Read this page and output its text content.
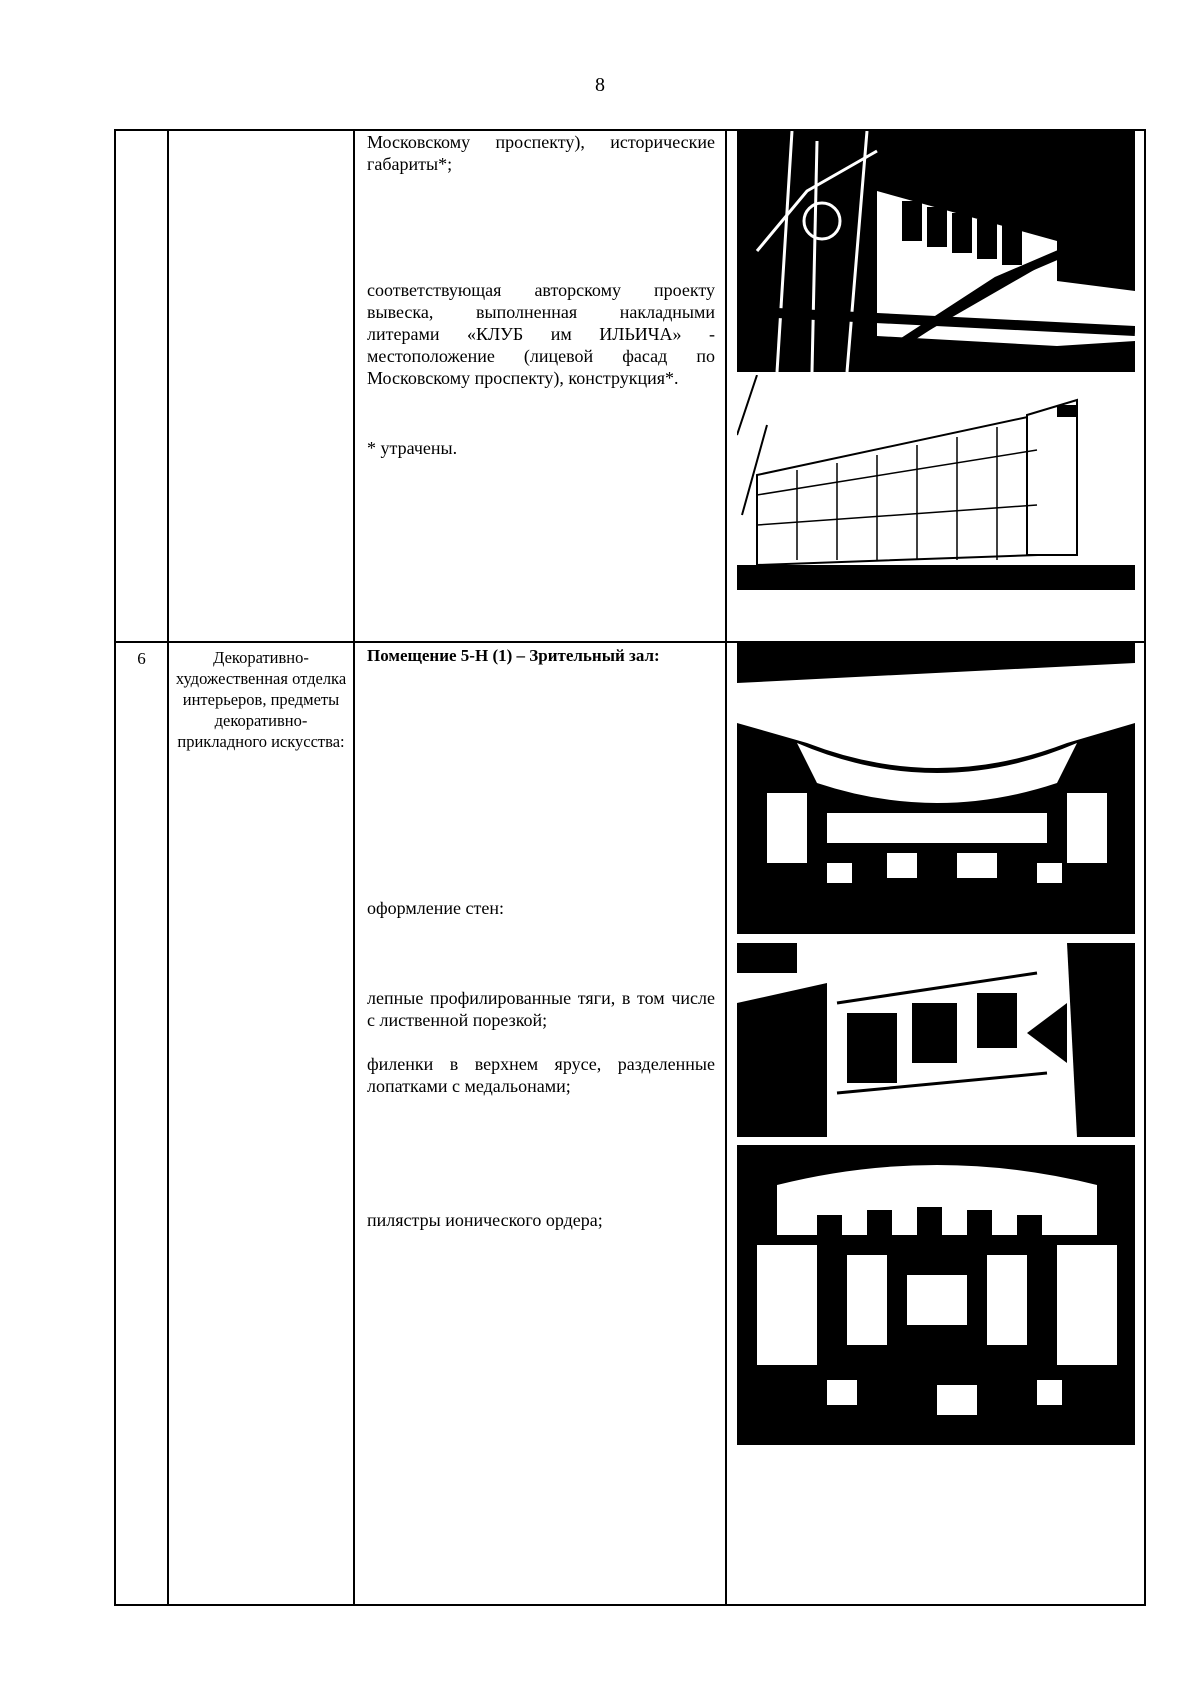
8

		Московскому проспекту), исторические габариты*;

соответствующая авторскому проекту вывеска, выполненная накладными литерами «КЛУБ им ИЛЬИЧА» - местоположение (лицевой фасад по Московскому проспекту), конструкция*.

* утрачены.

6	Декоративно-художественная отделка интерьеров, предметы декоративно-прикладного искусства:	Помещение 5-Н (1) – Зрительный зал:

оформление стен:

лепные профилированные тяги, в том числе с лиственной порезкой;

филенки в верхнем ярусе, разделенные лопатками с медальонами;

пилястры ионического ордера;
